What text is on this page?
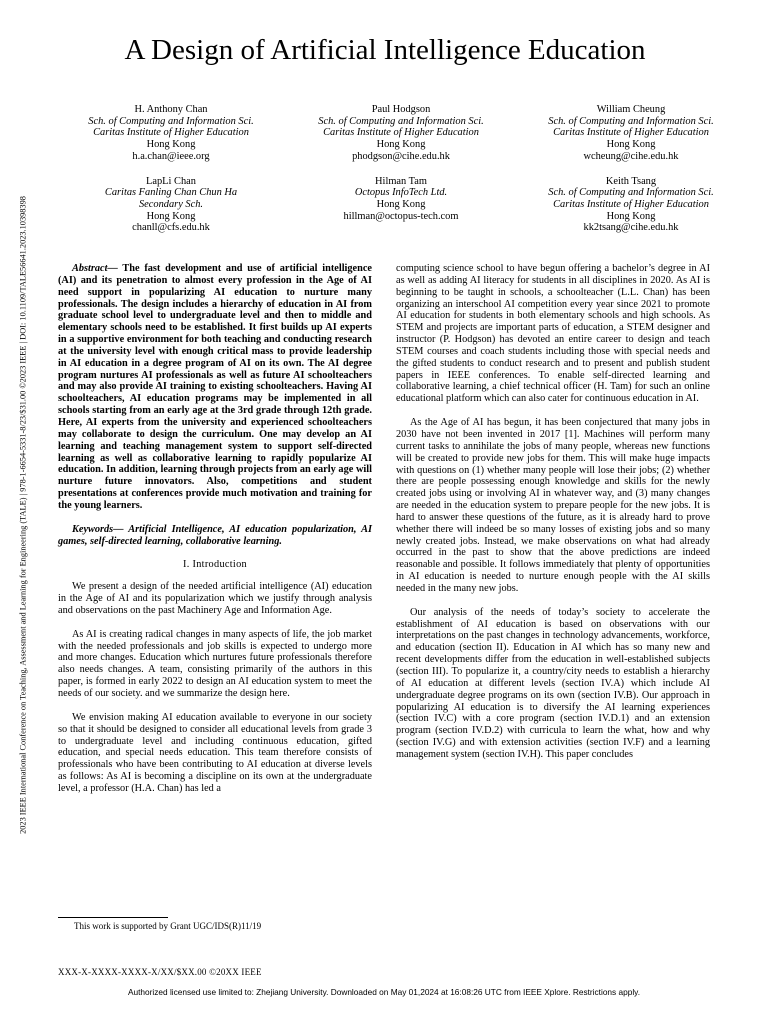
2023 IEEE International Conference on Teaching, Assessment and Learning for Engineering (TALE) | 978-1-6654-5331-8/23/$31.00 ©2023 IEEE | DOI: 10.1109/TALE56641.2023.10398398
A Design of Artificial Intelligence Education
H. Anthony Chan
Sch. of Computing and Information Sci.
Caritas Institute of Higher Education
Hong Kong
h.a.chan@ieee.org
Paul Hodgson
Sch. of Computing and Information Sci.
Caritas Institute of Higher Education
Hong Kong
phodgson@cihe.edu.hk
William Cheung
Sch. of Computing and Information Sci.
Caritas Institute of Higher Education
Hong Kong
wcheung@cihe.edu.hk
LapLi Chan
Caritas Fanling Chan Chun Ha
Secondary Sch.
Hong Kong
chanll@cfs.edu.hk
Hilman Tam
Octopus InfoTech Ltd.
Hong Kong
hillman@octopus-tech.com
Keith Tsang
Sch. of Computing and Information Sci.
Caritas Institute of Higher Education
Hong Kong
kk2tsang@cihe.edu.hk

Abstract— The fast development and use of artificial intelligence (AI) and its penetration to almost every profession in the Age of AI need support in popularizing AI education to nurture many professionals. The design includes a hierarchy of education in AI from graduate school level to undergraduate level and then to middle and elementary schools need to be established. It first builds up AI experts in a supportive environment for both teaching and conducting research at the university level with enough critical mass to provide leadership in AI education in a degree program of AI on its own. The AI degree program nurtures AI professionals as well as future AI schoolteachers and may also provide AI training to existing schoolteachers. Having AI schoolteachers, AI education programs may be implemented in all schools starting from an early age at the 3rd grade through 12th grade. Here, AI experts from the university and experienced schoolteachers may collaborate to design the curriculum. One may develop an AI learning and teaching management system to support self-directed learning as well as collaborative learning to rapidly popularize AI education. In addition, learning through projects from an early age will nurture future innovators. Also, competitions and student presentations at conferences provide much motivation and training for the young learners.

Keywords— Artificial Intelligence, AI education popularization, AI games, self-directed learning, collaborative learning.

I. Introduction

We present a design of the needed artificial intelligence (AI) education in the Age of AI and its popularization which we justify through analysis and observations on the past Machinery Age and Information Age.

As AI is creating radical changes in many aspects of life, the job market with the needed professionals and job skills is expected to undergo more and more changes. Education which nurtures future professionals therefore also needs changes. A team, consisting primarily of the authors in this paper, is formed in early 2022 to design an AI education system to meet the needs of our society. and we summarize the design here.

We envision making AI education available to everyone in our society so that it should be designed to consider all educational levels from grade 3 to undergraduate level and including continuous education, gifted education, and special needs education. This team therefore consists of professionals who have been contributing to AI education at diverse levels as follows: As AI is becoming a discipline on its own at the undergraduate level, a professor (H.A. Chan) has led a

computing science school to have begun offering a bachelor’s degree in AI as well as adding AI literacy for students in all disciplines in 2020. As AI is beginning to be taught in schools, a schoolteacher (L.L. Chan) has been organizing an interschool AI competition every year since 2021 to promote AI education for students in both elementary schools and high schools. As STEM and projects are important parts of education, a STEM designer and instructor (P. Hodgson) has devoted an entire career to design and teach STEM courses and coach students including those with special needs and the gifted students to conduct research and to present and publish student papers in IEEE conferences. To enable self-directed learning and collaborative learning, a chief technical officer (H. Tam) for such an online educational platform which can also cater for continuous education in AI.

As the Age of AI has begun, it has been conjectured that many jobs in 2030 have not been invented in 2017 [1]. Machines will perform many current tasks to annihilate the jobs of many people, whereas new functions will be created to provide new jobs for them. This will make huge impacts with questions on (1) whether many people will lose their jobs; (2) whether there are people possessing enough knowledge and skills for the newly created jobs using or involving AI in whatever way, and (3) many changes are needed in the education system to prepare people for the new jobs. It is hard to answer these questions of the future, as it is already hard to prove whether there will indeed be so many losses of existing jobs and so many newly created jobs. Instead, we make observations on what had already occurred in the past to show that the above predictions are indeed reasonable and possible. It follows immediately that plenty of opportunities in AI education is needed to nurture enough people with the AI skills needed in the many new jobs.

Our analysis of the needs of today’s society to accelerate the establishment of AI education is based on observations with our interpretations on the past changes in technology advancements, workforce, and education (section II). Education in AI which has so many new and recent developments differ from the education in well-established subjects (section III). To popularize it, a country/city needs to establish a hierarchy of AI education at different levels (section IV.A) which include AI undergraduate degree programs on its own (section IV.B). Our approach in popularizing AI education is to diversify the AI learning experiences (section IV.C) with a core program (section IV.D.1) and an extension program (section IV.D.2) with curricula to learn the what, how and why (section IV.G) and with extension activities (section IV.F) and a learning management system (section IV.H). This paper concludes

This work is supported by Grant UGC/IDS(R)11/19
XXX-X-XXXX-XXXX-X/XX/$XX.00 ©20XX IEEE
Authorized licensed use limited to: Zhejiang University. Downloaded on May 01,2024 at 16:08:26 UTC from IEEE Xplore. Restrictions apply.
